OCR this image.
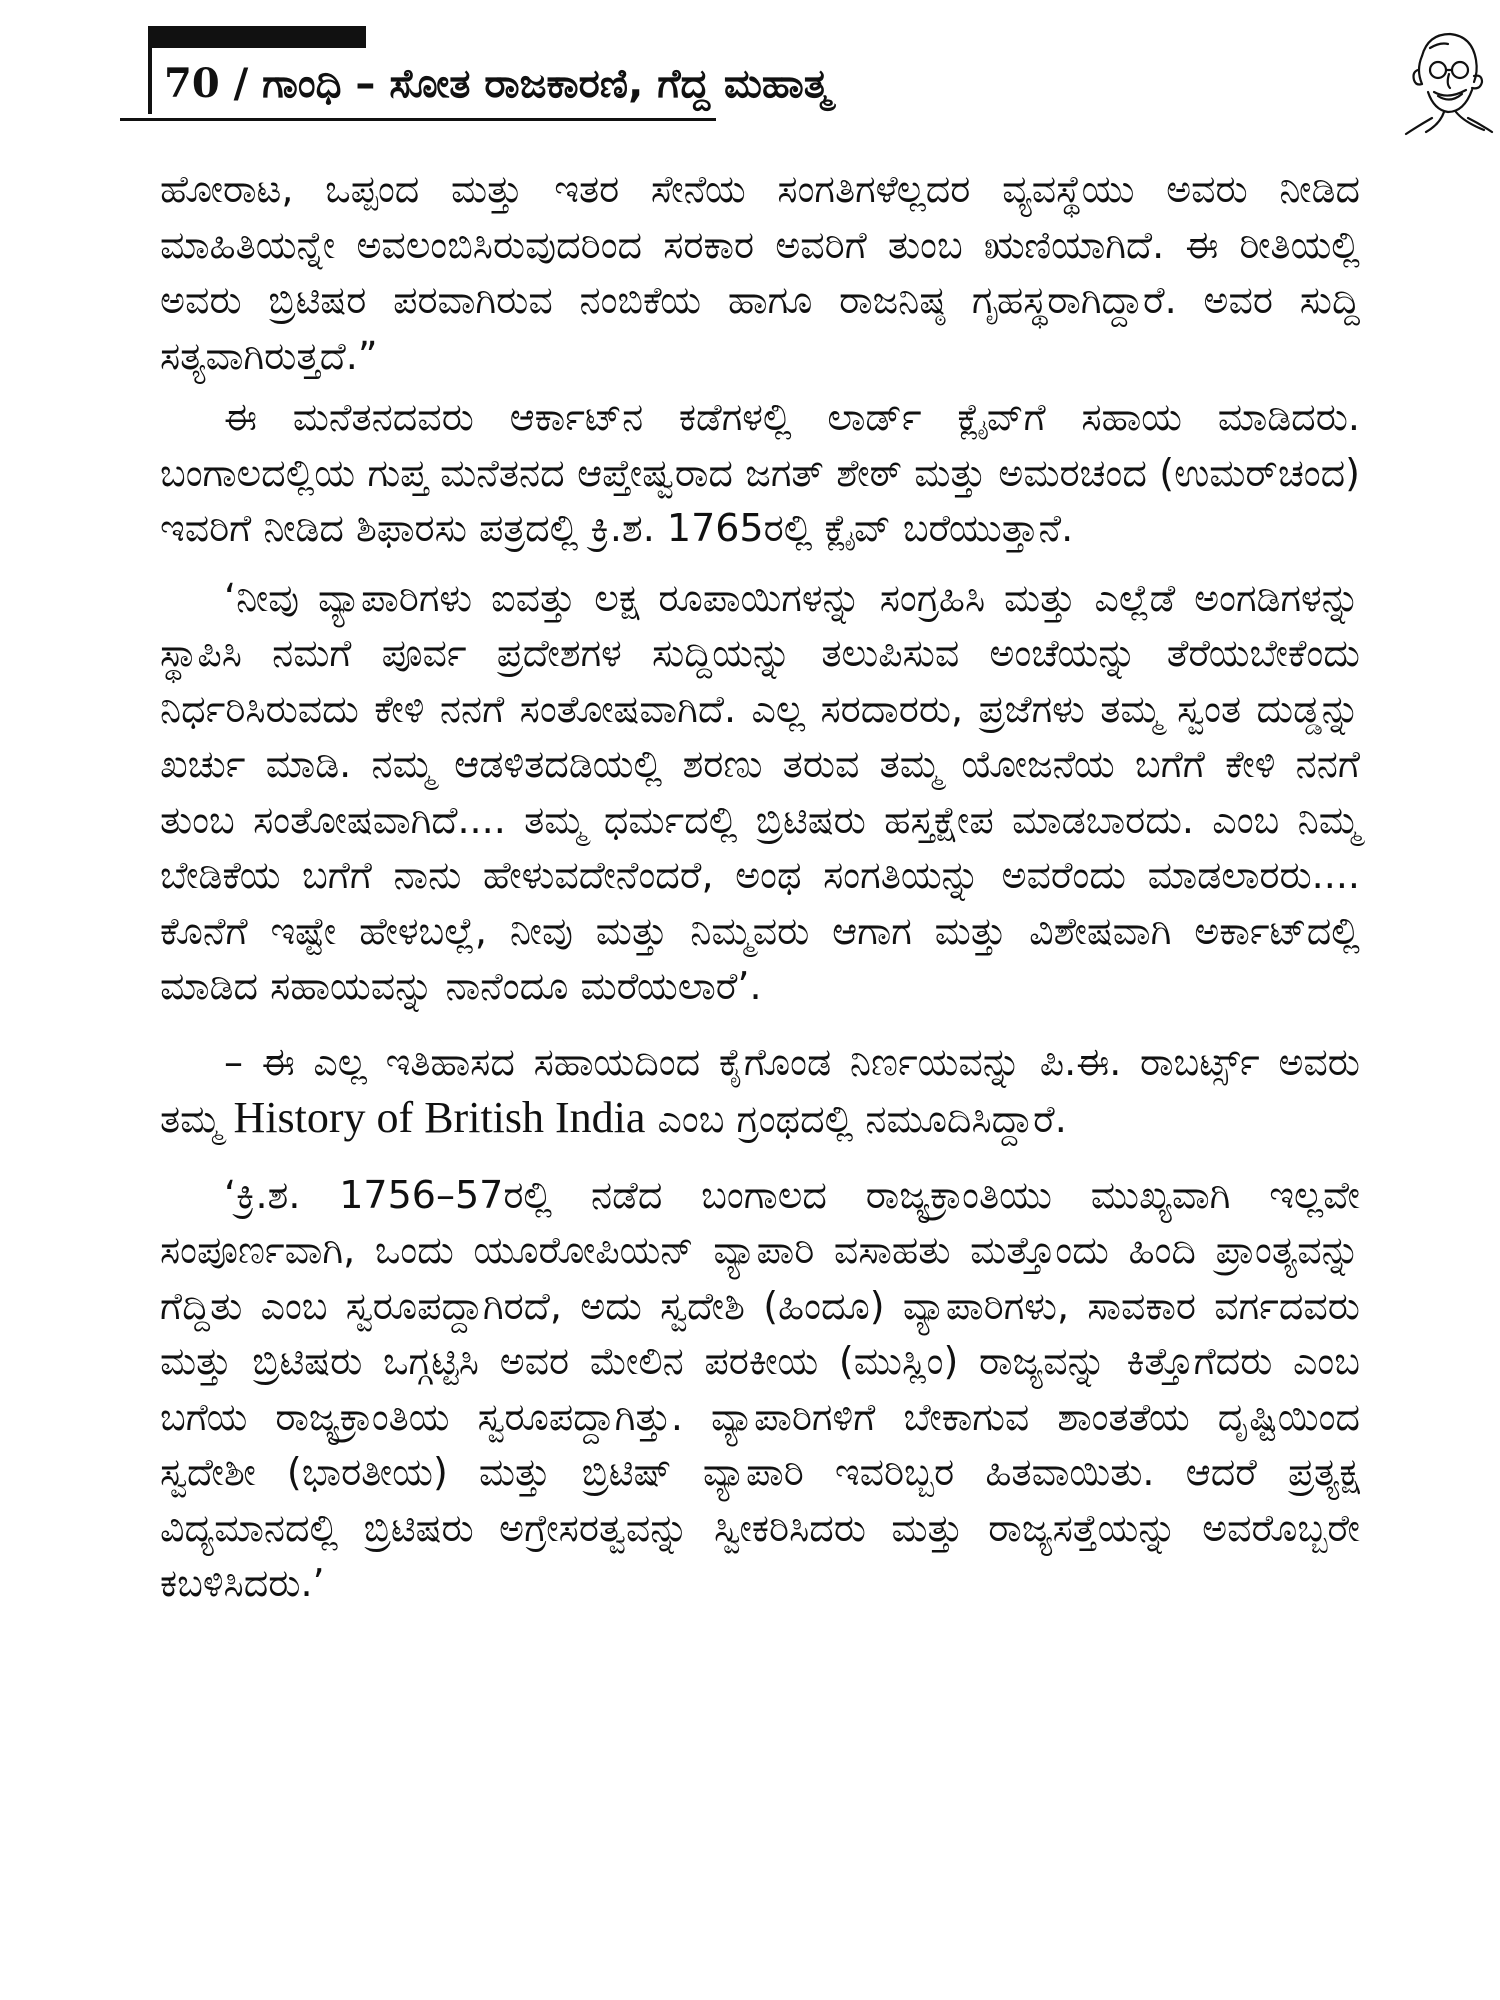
70 / ಗಾಂಧಿ – ಸೋತ ರಾಜಕಾರಣಿ, ಗೆದ್ದ ಮಹಾತ್ಮ

ಹೋರಾಟ, ಒಪ್ಪಂದ ಮತ್ತು ಇತರ ಸೇನೆಯ ಸಂಗತಿಗಳೆಲ್ಲದರ ವ್ಯವಸ್ಥೆಯು ಅವರು ನೀಡಿದ ಮಾಹಿತಿಯನ್ನೇ ಅವಲಂಬಿಸಿರುವುದರಿಂದ ಸರಕಾರ ಅವರಿಗೆ ತುಂಬ ಋಣಿಯಾಗಿದೆ. ಈ ರೀತಿಯಲ್ಲಿ ಅವರು ಬ್ರಿಟಿಷರ ಪರವಾಗಿರುವ ನಂಬಿಕೆಯ ಹಾಗೂ ರಾಜನಿಷ್ಠ ಗೃಹಸ್ಥರಾಗಿದ್ದಾರೆ. ಅವರ ಸುದ್ದಿ ಸತ್ಯವಾಗಿರುತ್ತದೆ.”

ಈ ಮನೆತನದವರು ಆರ್ಕಾಟ್‌ನ ಕಡೆಗಳಲ್ಲಿ ಲಾರ್ಡ್ ಕ್ಲೈವ್‌ಗೆ ಸಹಾಯ ಮಾಡಿದರು. ಬಂಗಾಲದಲ್ಲಿಯ ಗುಪ್ತ ಮನೆತನದ ಆಪ್ತೇಷ್ವರಾದ ಜಗತ್ ಶೇಠ್ ಮತ್ತು ಅಮರಚಂದ (ಉಮರ್‌ಚಂದ) ಇವರಿಗೆ ನೀಡಿದ ಶಿಫಾರಸು ಪತ್ರದಲ್ಲಿ ಕ್ರಿ.ಶ. 1765ರಲ್ಲಿ ಕ್ಲೈವ್ ಬರೆಯುತ್ತಾನೆ.

‘ನೀವು ವ್ಯಾಪಾರಿಗಳು ಐವತ್ತು ಲಕ್ಷ ರೂಪಾಯಿಗಳನ್ನು ಸಂಗ್ರಹಿಸಿ ಮತ್ತು ಎಲ್ಲೆಡೆ ಅಂಗಡಿಗಳನ್ನು ಸ್ಥಾಪಿಸಿ ನಮಗೆ ಪೂರ್ವ ಪ್ರದೇಶಗಳ ಸುದ್ದಿಯನ್ನು ತಲುಪಿಸುವ ಅಂಚೆಯನ್ನು ತೆರೆಯಬೇಕೆಂದು ನಿರ್ಧರಿಸಿರುವದು ಕೇಳಿ ನನಗೆ ಸಂತೋಷವಾಗಿದೆ. ಎಲ್ಲ ಸರದಾರರು, ಪ್ರಜೆಗಳು ತಮ್ಮ ಸ್ವಂತ ದುಡ್ಡನ್ನು ಖರ್ಚು ಮಾಡಿ. ನಮ್ಮ ಆಡಳಿತದಡಿಯಲ್ಲಿ ಶರಣು ತರುವ ತಮ್ಮ ಯೋಜನೆಯ ಬಗೆಗೆ ಕೇಳಿ ನನಗೆ ತುಂಬ ಸಂತೋಷವಾಗಿದೆ.... ತಮ್ಮ ಧರ್ಮದಲ್ಲಿ ಬ್ರಿಟಿಷರು ಹಸ್ತಕ್ಷೇಪ ಮಾಡಬಾರದು. ಎಂಬ ನಿಮ್ಮ ಬೇಡಿಕೆಯ ಬಗೆಗೆ ನಾನು ಹೇಳುವದೇನೆಂದರೆ, ಅಂಥ ಸಂಗತಿಯನ್ನು ಅವರೆಂದು ಮಾಡಲಾರರು.... ಕೊನೆಗೆ ಇಷ್ಟೇ ಹೇಳಬಲ್ಲೆ, ನೀವು ಮತ್ತು ನಿಮ್ಮವರು ಆಗಾಗ ಮತ್ತು ವಿಶೇಷವಾಗಿ ಅರ್ಕಾಟ್‌ದಲ್ಲಿ ಮಾಡಿದ ಸಹಾಯವನ್ನು ನಾನೆಂದೂ ಮರೆಯಲಾರೆ’.

– ಈ ಎಲ್ಲ ಇತಿಹಾಸದ ಸಹಾಯದಿಂದ ಕೈಗೊಂಡ ನಿರ್ಣಯವನ್ನು ಪಿ.ಈ. ರಾಬರ್ಟ್ಸ್ ಅವರು ತಮ್ಮ History of British India ಎಂಬ ಗ್ರಂಥದಲ್ಲಿ ನಮೂದಿಸಿದ್ದಾರೆ.

‘ಕ್ರಿ.ಶ. 1756–57ರಲ್ಲಿ ನಡೆದ ಬಂಗಾಲದ ರಾಜ್ಯಕ್ರಾಂತಿಯು ಮುಖ್ಯವಾಗಿ ಇಲ್ಲವೇ ಸಂಪೂರ್ಣವಾಗಿ, ಒಂದು ಯೂರೋಪಿಯನ್ ವ್ಯಾಪಾರಿ ವಸಾಹತು ಮತ್ತೊಂದು ಹಿಂದಿ ಪ್ರಾಂತ್ಯವನ್ನು ಗೆದ್ದಿತು ಎಂಬ ಸ್ವರೂಪದ್ದಾಗಿರದೆ, ಅದು ಸ್ವದೇಶಿ (ಹಿಂದೂ) ವ್ಯಾಪಾರಿಗಳು, ಸಾವಕಾರ ವರ್ಗದವರು ಮತ್ತು ಬ್ರಿಟಿಷರು ಒಗ್ಗಟ್ಟಿಸಿ ಅವರ ಮೇಲಿನ ಪರಕೀಯ (ಮುಸ್ಲಿಂ) ರಾಜ್ಯವನ್ನು ಕಿತ್ತೊಗೆದರು ಎಂಬ ಬಗೆಯ ರಾಜ್ಯಕ್ರಾಂತಿಯ ಸ್ವರೂಪದ್ದಾಗಿತ್ತು. ವ್ಯಾಪಾರಿಗಳಿಗೆ ಬೇಕಾಗುವ ಶಾಂತತೆಯ ದೃಷ್ಟಿಯಿಂದ ಸ್ವದೇಶೀ (ಭಾರತೀಯ) ಮತ್ತು ಬ್ರಿಟಿಷ್ ವ್ಯಾಪಾರಿ ಇವರಿಬ್ಬರ ಹಿತವಾಯಿತು. ಆದರೆ ಪ್ರತ್ಯಕ್ಷ ವಿದ್ಯಮಾನದಲ್ಲಿ ಬ್ರಿಟಿಷರು ಅಗ್ರೇಸರತ್ವವನ್ನು ಸ್ವೀಕರಿಸಿದರು ಮತ್ತು ರಾಜ್ಯಸತ್ತೆಯನ್ನು ಅವರೊಬ್ಬರೇ ಕಬಳಿಸಿದರು.’
